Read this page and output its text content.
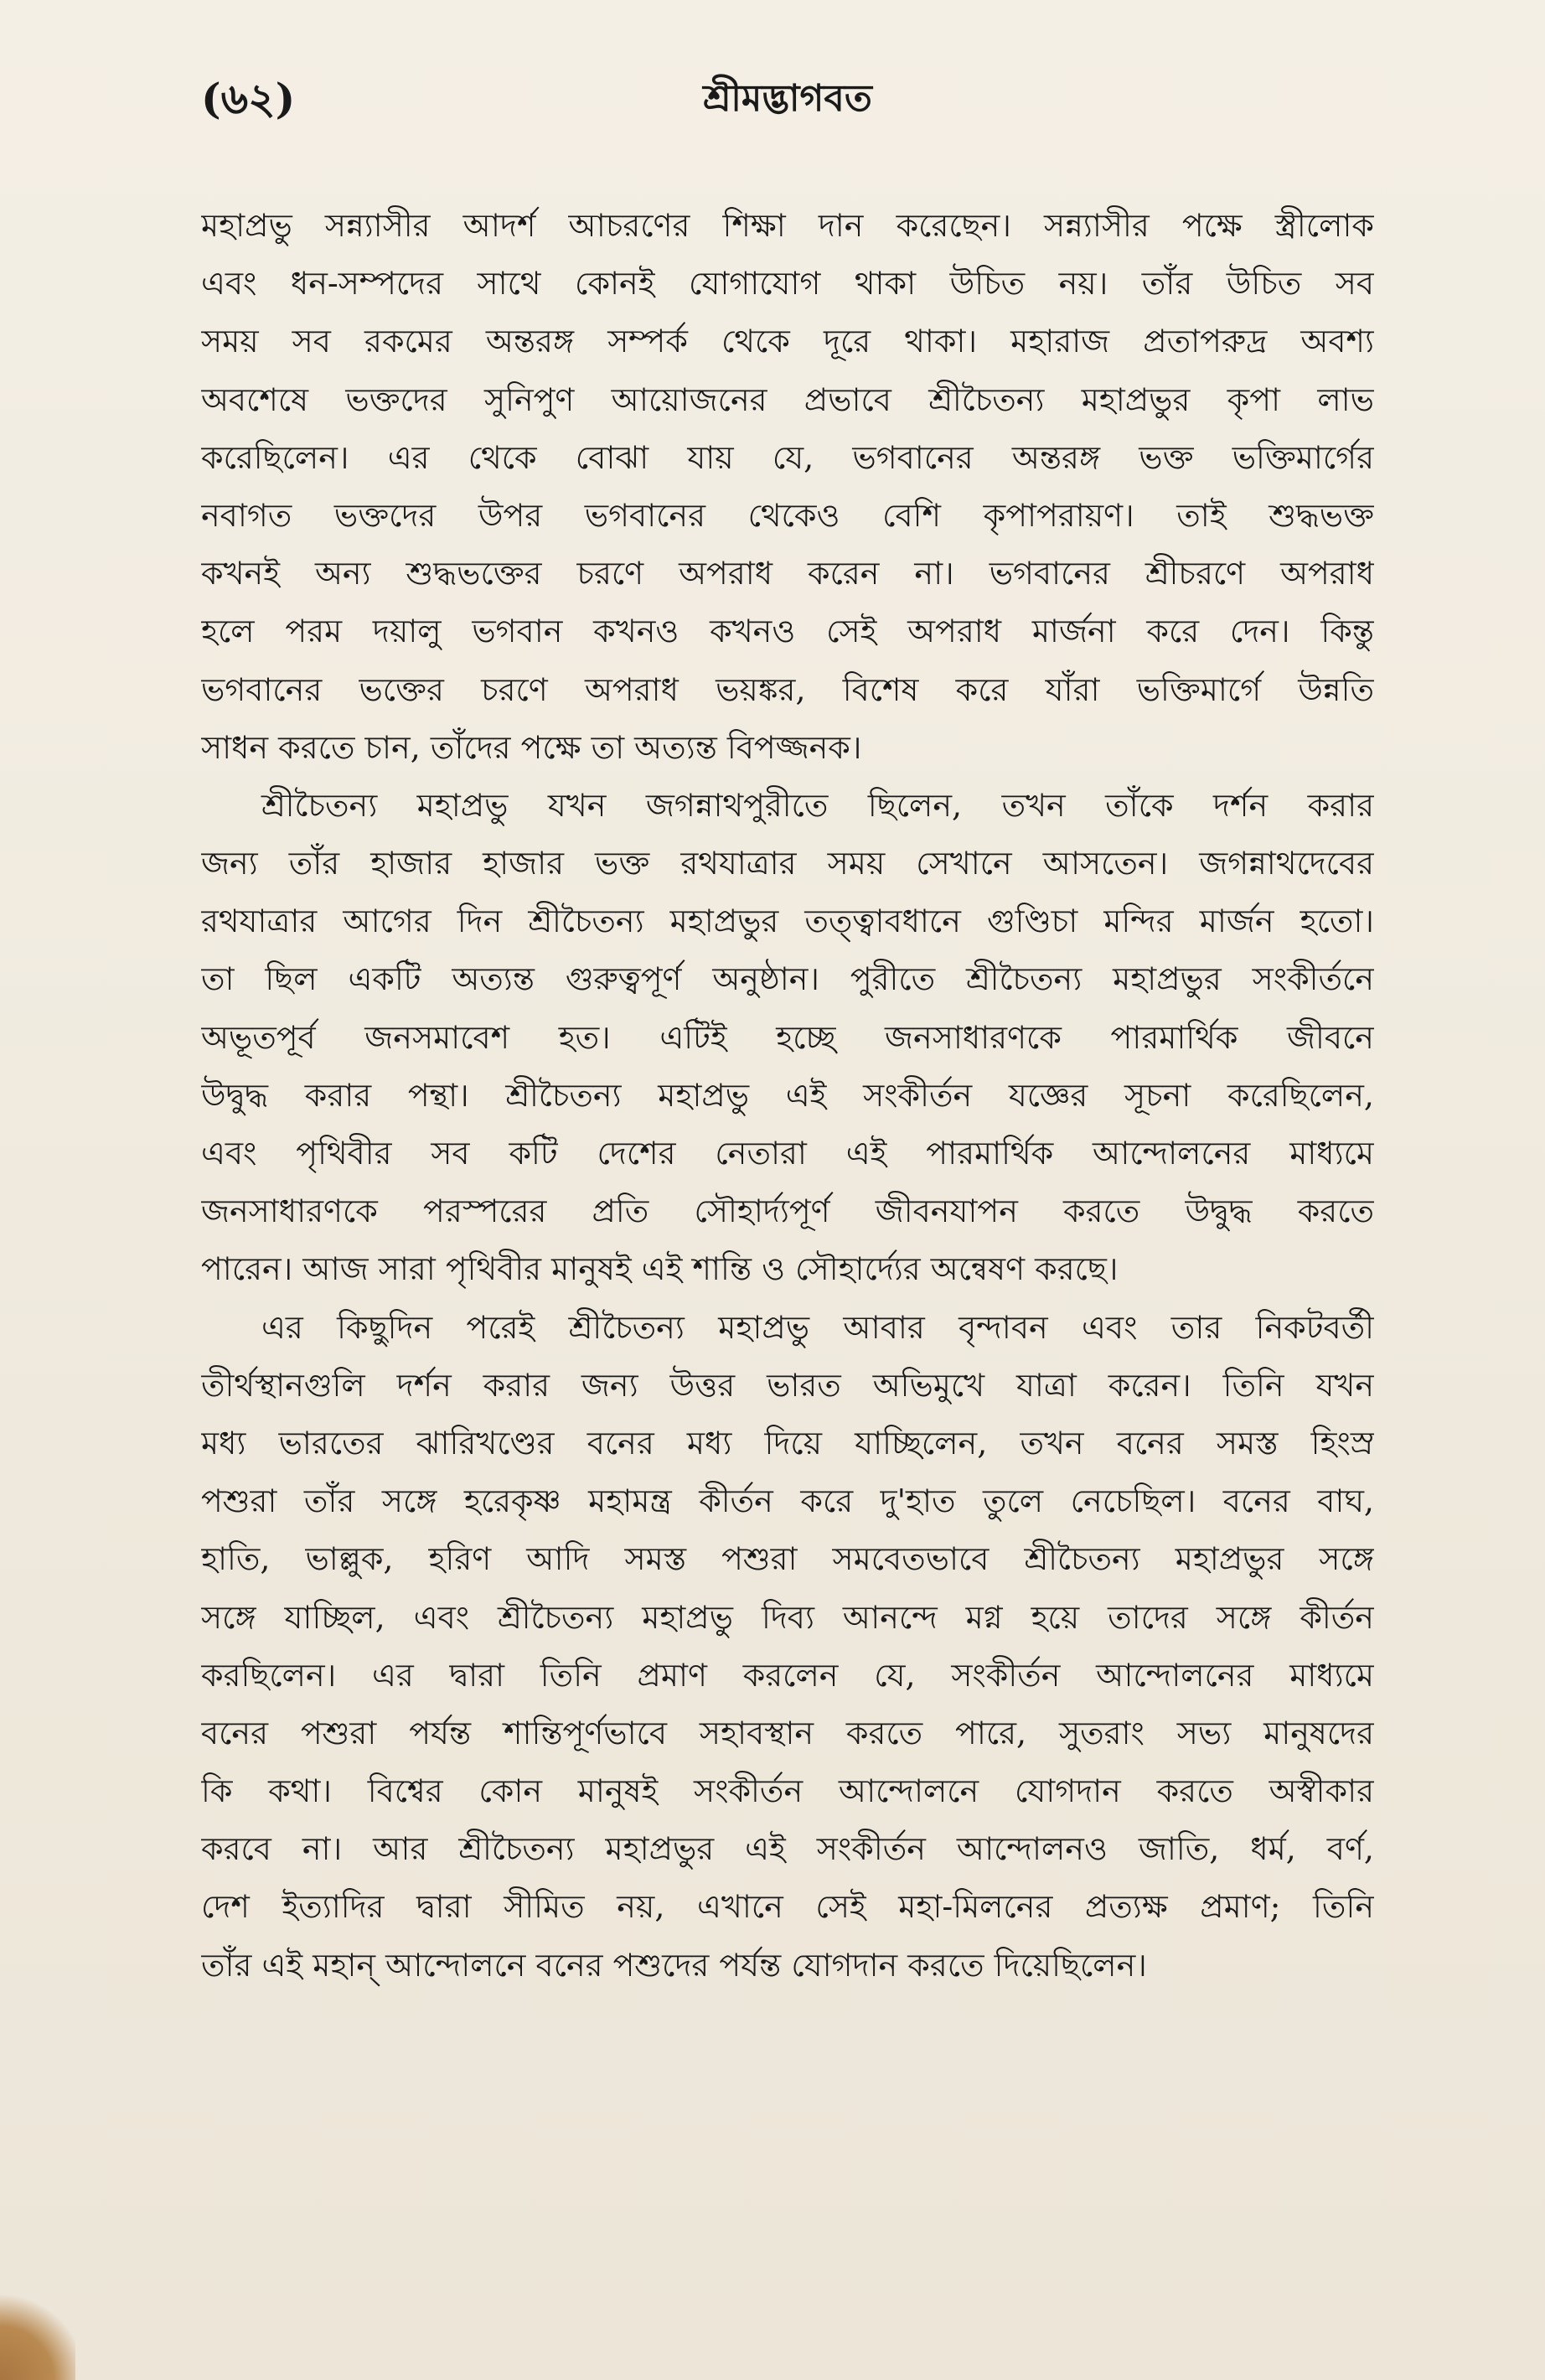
(৬২)	শ্রীমদ্ভাগবত
মহাপ্রভু সন্ন্যাসীর আদর্শ আচরণের শিক্ষা দান করেছেন। সন্ন্যাসীর পক্ষে স্ত্রীলোক
এবং ধন-সম্পদের সাথে কোনই যোগাযোগ থাকা উচিত নয়। তাঁর উচিত সব
সময় সব রকমের অন্তরঙ্গ সম্পর্ক থেকে দূরে থাকা। মহারাজ প্রতাপরুদ্র অবশ্য
অবশেষে ভক্তদের সুনিপুণ আয়োজনের প্রভাবে শ্রীচৈতন্য মহাপ্রভুর কৃপা লাভ
করেছিলেন। এর থেকে বোঝা যায় যে, ভগবানের অন্তরঙ্গ ভক্ত ভক্তিমার্গের
নবাগত ভক্তদের উপর ভগবানের থেকেও বেশি কৃপাপরায়ণ। তাই শুদ্ধভক্ত
কখনই অন্য শুদ্ধভক্তের চরণে অপরাধ করেন না। ভগবানের শ্রীচরণে অপরাধ
হলে পরম দয়ালু ভগবান কখনও কখনও সেই অপরাধ মার্জনা করে দেন। কিন্তু
ভগবানের ভক্তের চরণে অপরাধ ভয়ঙ্কর, বিশেষ করে যাঁরা ভক্তিমার্গে উন্নতি
সাধন করতে চান, তাঁদের পক্ষে তা অত্যন্ত বিপজ্জনক।
শ্রীচৈতন্য মহাপ্রভু যখন জগন্নাথপুরীতে ছিলেন, তখন তাঁকে দর্শন করার
জন্য তাঁর হাজার হাজার ভক্ত রথযাত্রার সময় সেখানে আসতেন। জগন্নাথদেবের
রথযাত্রার আগের দিন শ্রীচৈতন্য মহাপ্রভুর তত্ত্বাবধানে গুণ্ডিচা মন্দির মার্জন হতো।
তা ছিল একটি অত্যন্ত গুরুত্বপূর্ণ অনুষ্ঠান। পুরীতে শ্রীচৈতন্য মহাপ্রভুর সংকীর্তনে
অভূতপূর্ব জনসমাবেশ হত। এটিই হচ্ছে জনসাধারণকে পারমার্থিক জীবনে
উদ্বুদ্ধ করার পন্থা। শ্রীচৈতন্য মহাপ্রভু এই সংকীর্তন যজ্ঞের সূচনা করেছিলেন,
এবং পৃথিবীর সব কটি দেশের নেতারা এই পারমার্থিক আন্দোলনের মাধ্যমে
জনসাধারণকে পরস্পরের প্রতি সৌহার্দ্যপূর্ণ জীবনযাপন করতে উদ্বুদ্ধ করতে
পারেন। আজ সারা পৃথিবীর মানুষই এই শান্তি ও সৌহার্দ্যের অন্বেষণ করছে।
এর কিছুদিন পরেই শ্রীচৈতন্য মহাপ্রভু আবার বৃন্দাবন এবং তার নিকটবর্তী
তীর্থস্থানগুলি দর্শন করার জন্য উত্তর ভারত অভিমুখে যাত্রা করেন। তিনি যখন
মধ্য ভারতের ঝারিখণ্ডের বনের মধ্য দিয়ে যাচ্ছিলেন, তখন বনের সমস্ত হিংস্র
পশুরা তাঁর সঙ্গে হরেকৃষ্ণ মহামন্ত্র কীর্তন করে দু'হাত তুলে নেচেছিল। বনের বাঘ,
হাতি, ভাল্লুক, হরিণ আদি সমস্ত পশুরা সমবেতভাবে শ্রীচৈতন্য মহাপ্রভুর সঙ্গে
সঙ্গে যাচ্ছিল, এবং শ্রীচৈতন্য মহাপ্রভু দিব্য আনন্দে মগ্ন হয়ে তাদের সঙ্গে কীর্তন
করছিলেন। এর দ্বারা তিনি প্রমাণ করলেন যে, সংকীর্তন আন্দোলনের মাধ্যমে
বনের পশুরা পর্যন্ত শান্তিপূর্ণভাবে সহাবস্থান করতে পারে, সুতরাং সভ্য মানুষদের
কি কথা। বিশ্বের কোন মানুষই সংকীর্তন আন্দোলনে যোগদান করতে অস্বীকার
করবে না। আর শ্রীচৈতন্য মহাপ্রভুর এই সংকীর্তন আন্দোলনও জাতি, ধর্ম, বর্ণ,
দেশ ইত্যাদির দ্বারা সীমিত নয়, এখানে সেই মহা-মিলনের প্রত্যক্ষ প্রমাণ; তিনি
তাঁর এই মহান্ আন্দোলনে বনের পশুদের পর্যন্ত যোগদান করতে দিয়েছিলেন।
